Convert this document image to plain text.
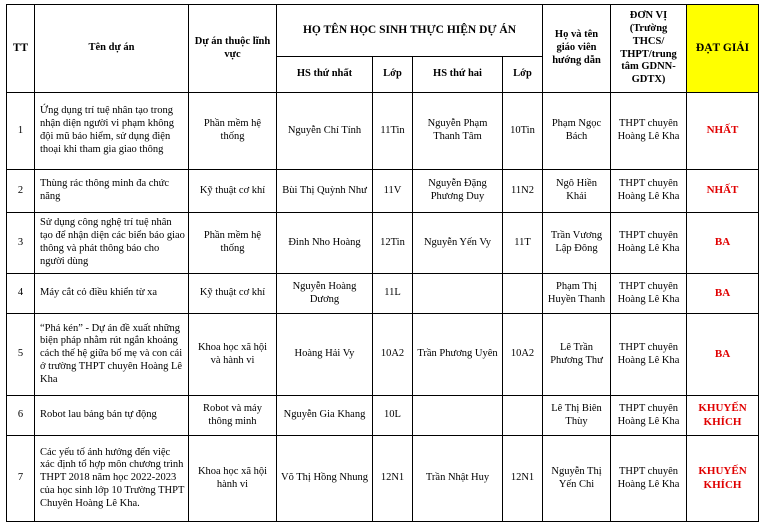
TT	Tên dự án	Dự án thuộc lĩnh vực	HỌ TÊN HỌC SINH THỰC HIỆN DỰ ÁN				Họ và tên giáo viên hướng dẫn	ĐƠN VỊ (Trường THCS/ THPT/trung tâm GDNN-GDTX)	ĐẠT GIẢI
			HS thứ nhất	Lớp	HS thứ hai	Lớp			
1	Ứng dụng trí tuệ nhân tạo trong nhận diện người vi phạm không đội mũ bảo hiểm, sử dụng điện thoại khi tham gia giao thông	Phần mềm hệ thống	Nguyễn Chí Tính	11Tin	Nguyễn Phạm Thanh Tâm	10Tin	Phạm Ngọc Bách	THPT chuyên Hoàng Lê Kha	NHẤT
2	Thùng rác thông minh đa chức năng	Kỹ thuật cơ khí	Bùi Thị Quỳnh Như	11V	Nguyễn Đặng Phương Duy	11N2	Ngô Hiền Khải	THPT chuyên Hoàng Lê Kha	NHẤT
3	Sử dụng công nghệ trí tuệ nhân tạo để nhận diện các biển báo giao thông và phát thông báo cho người dùng	Phần mềm hệ thống	Đinh Nho Hoàng	12Tin	Nguyễn Yến Vy	11T	Trần Vương Lập Đông	THPT chuyên Hoàng Lê Kha	BA
4	Máy cắt cỏ điều khiển từ xa	Kỹ thuật cơ khí	Nguyễn Hoàng Dương	11L			Phạm Thị Huyền Thanh	THPT chuyên Hoàng Lê Kha	BA
5	“Phá kén” - Dự án đề xuất những biện pháp nhằm rút ngắn khoảng cách thế hệ giữa bố mẹ và con cái ở trường THPT chuyên Hoàng Lê Kha	Khoa học xã hội và hành vi	Hoàng Hải Vy	10A2	Trần Phương Uyên	10A2	Lê Trần Phương Thư	THPT chuyên Hoàng Lê Kha	BA
6	Robot lau bảng bán tự động	Robot và máy thông minh	Nguyễn Gia Khang	10L			Lê Thị Biên Thùy	THPT chuyên Hoàng Lê Kha	KHUYẾN KHÍCH
7	Các yếu tố ảnh hưởng đến việc xác định tổ hợp môn chương trình THPT 2018 năm học 2022-2023 của học sinh lớp 10 Trường THPT Chuyên Hoàng Lê Kha.	Khoa học xã hội hành vi	Võ Thị Hồng Nhung	12N1	Trần Nhật Huy	12N1	Nguyễn Thị Yến Chi	THPT chuyên Hoàng Lê Kha	KHUYẾN KHÍCH
